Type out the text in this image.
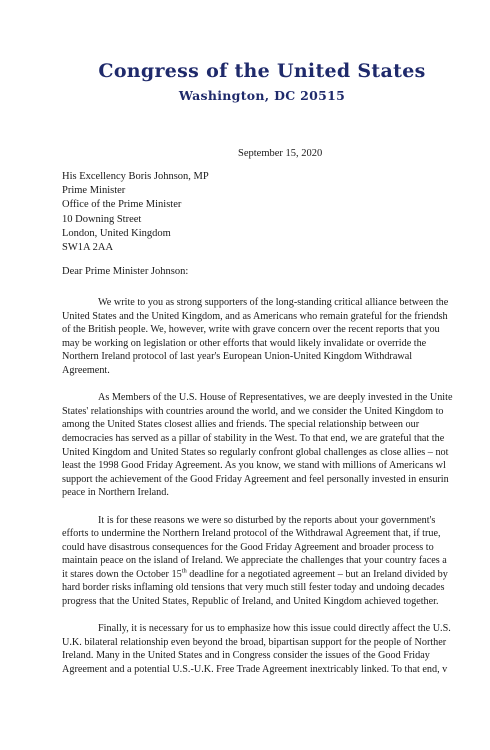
Congress of the United States
Washington, DC 20515
September 15, 2020
His Excellency Boris Johnson, MP
Prime Minister
Office of the Prime Minister
10 Downing Street
London, United Kingdom
SW1A 2AA
Dear Prime Minister Johnson:
We write to you as strong supporters of the long-standing critical alliance between the
United States and the United Kingdom, and as Americans who remain grateful for the friendsh
of the British people. We, however, write with grave concern over the recent reports that you
may be working on legislation or other efforts that would likely invalidate or override the
Northern Ireland protocol of last year's European Union-United Kingdom Withdrawal
Agreement.
As Members of the U.S. House of Representatives, we are deeply invested in the Unite
States' relationships with countries around the world, and we consider the United Kingdom to
among the United States closest allies and friends. The special relationship between our
democracies has served as a pillar of stability in the West. To that end, we are grateful that the
United Kingdom and United States so regularly confront global challenges as close allies – not
least the 1998 Good Friday Agreement. As you know, we stand with millions of Americans wl
support the achievement of the Good Friday Agreement and feel personally invested in ensurin
peace in Northern Ireland.
It is for these reasons we were so disturbed by the reports about your government's
efforts to undermine the Northern Ireland protocol of the Withdrawal Agreement that, if true,
could have disastrous consequences for the Good Friday Agreement and broader process to
maintain peace on the island of Ireland. We appreciate the challenges that your country faces a
it stares down the October 15th deadline for a negotiated agreement – but an Ireland divided by
hard border risks inflaming old tensions that very much still fester today and undoing decades
progress that the United States, Republic of Ireland, and United Kingdom achieved together.
Finally, it is necessary for us to emphasize how this issue could directly affect the U.S.
U.K. bilateral relationship even beyond the broad, bipartisan support for the people of Norther
Ireland. Many in the United States and in Congress consider the issues of the Good Friday
Agreement and a potential U.S.-U.K. Free Trade Agreement inextricably linked. To that end, v
